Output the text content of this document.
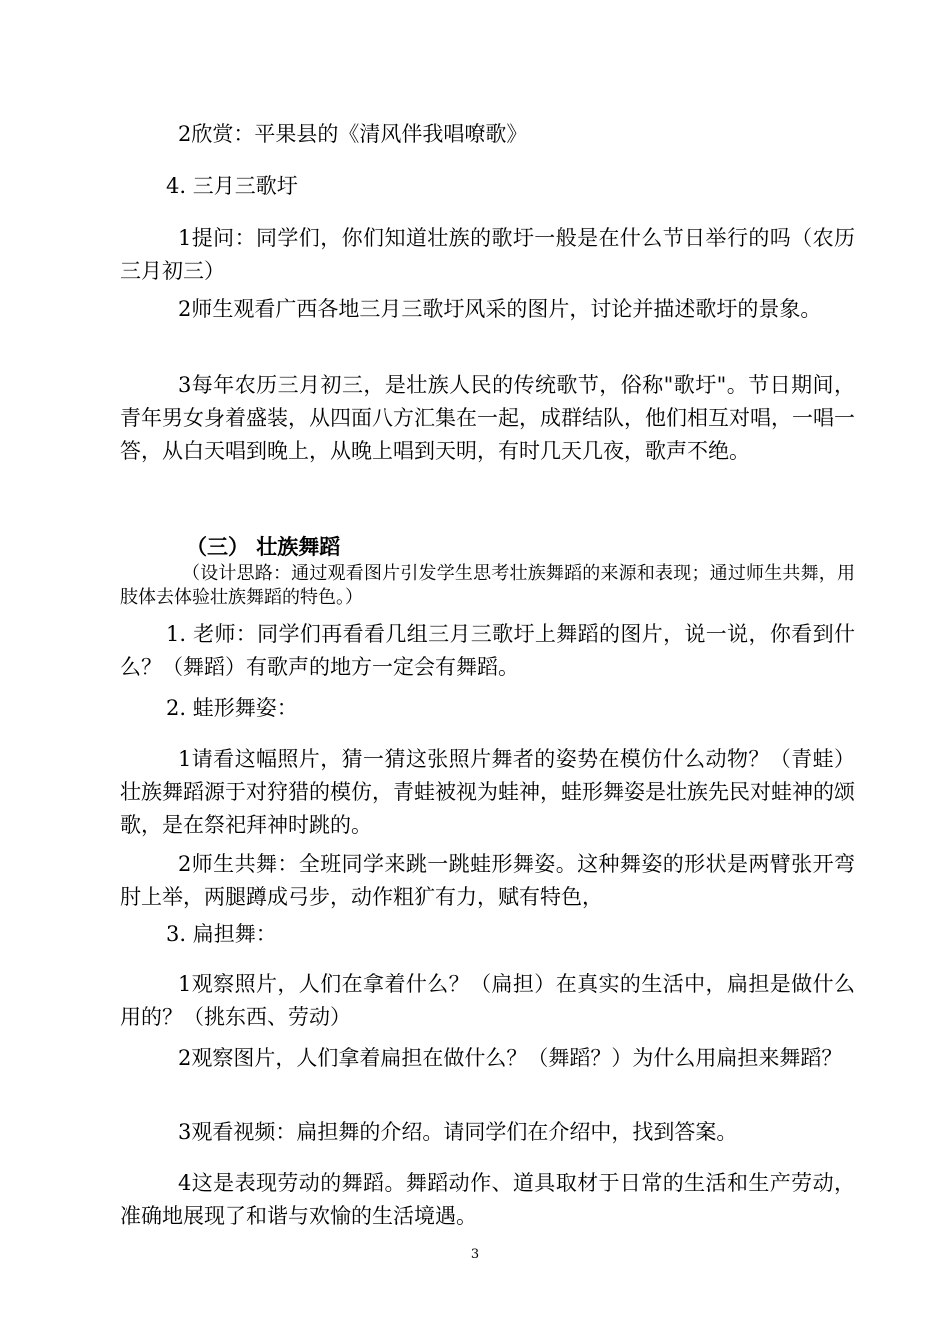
2欣赏：平果县的《清风伴我唱嘹歌》

4. 三月三歌圩

1提问：同学们，你们知道壮族的歌圩一般是在什么节日举行的吗（农历三月初三）

2师生观看广西各地三月三歌圩风采的图片，讨论并描述歌圩的景象。

3每年农历三月初三，是壮族人民的传统歌节，俗称"歌圩"。节日期间，青年男女身着盛装，从四面八方汇集在一起，成群结队，他们相互对唱，一唱一答，从白天唱到晚上，从晚上唱到天明，有时几天几夜，歌声不绝。

（三） 壮族舞蹈

（设计思路：通过观看图片引发学生思考壮族舞蹈的来源和表现；通过师生共舞，用肢体去体验壮族舞蹈的特色。）

1. 老师：同学们再看看几组三月三歌圩上舞蹈的图片，说一说，你看到什么？（舞蹈）有歌声的地方一定会有舞蹈。

2. 蛙形舞姿：

1请看这幅照片，猜一猜这张照片舞者的姿势在模仿什么动物？（青蛙）壮族舞蹈源于对狩猎的模仿，青蛙被视为蛙神，蛙形舞姿是壮族先民对蛙神的颂歌，是在祭祀拜神时跳的。

2师生共舞：全班同学来跳一跳蛙形舞姿。这种舞姿的形状是两臂张开弯肘上举，两腿蹲成弓步，动作粗犷有力，赋有特色，

3. 扁担舞：

1观察照片，人们在拿着什么？（扁担）在真实的生活中，扁担是做什么用的？（挑东西、劳动）

2观察图片，人们拿着扁担在做什么？（舞蹈？）为什么用扁担来舞蹈？

3观看视频：扁担舞的介绍。请同学们在介绍中，找到答案。

4这是表现劳动的舞蹈。舞蹈动作、道具取材于日常的生活和生产劳动，准确地展现了和谐与欢愉的生活境遇。

3
